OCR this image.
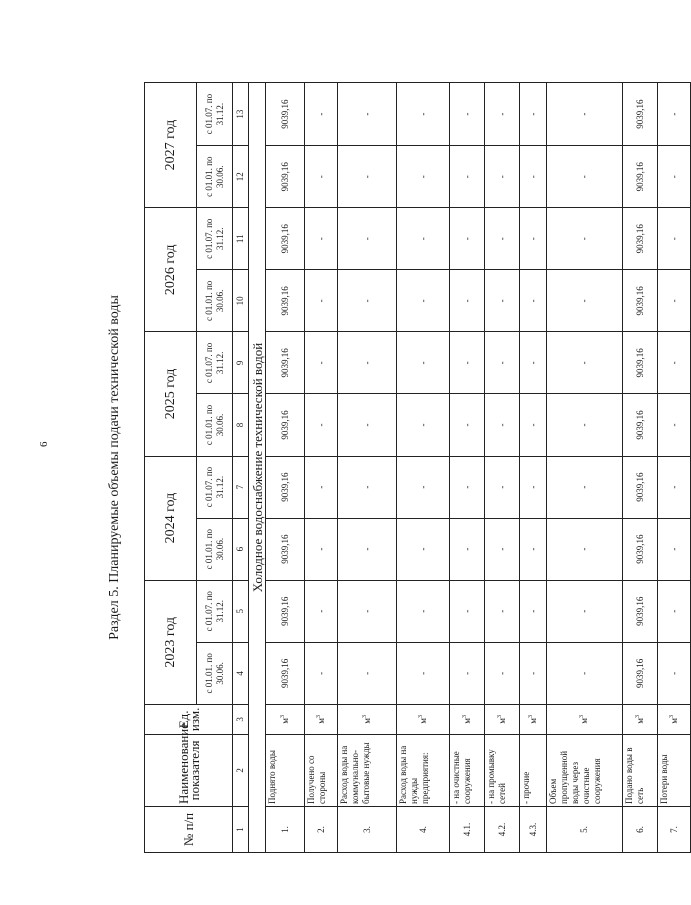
6	Раздел 5. Планируемые объемы подачи технической воды
№ п/п	Наименование показателя	Ед. изм.	2023 год		2024 год		2025 год		2026 год		2027 год	
			с 01.01. по 30.06.	с 01.07. по 31.12.	с 01.01. по 30.06.	с 01.07. по 31.12.	с 01.01. по 30.06.	с 01.07. по 31.12.	с 01.01. по 30.06.	с 01.07. по 31.12.	с 01.01. по 30.06.	с 01.07. по 31.12.
1	2	3	4	5	6	7	8	9	10	11	12	13
Холодное водоснабжение технической водой												
1.	Поднято воды	$м^3$	9039,16	9039,16	9039,16	9039,16	9039,16	9039,16	9039,16	9039,16	9039,16	9039,16
2.	Получено со стороны	$м^3$	-	-	-	-	-	-	-	-	-	-
3.	Расход воды на коммунально-бытовые нужды	$м^3$	-	-	-	-	-	-	-	-	-	-
4.	Расход воды на нужды предприятия:	$м^3$	-	-	-	-	-	-	-	-	-	-
4.1.	- на очистные сооружения	$м^3$	-	-	-	-	-	-	-	-	-	-
4.2.	- на промывку сетей	$м^3$	-	-	-	-	-	-	-	-	-	-
4.3.	- прочие	$м^3$	-	-	-	-	-	-	-	-	-	-
5.	Объем пропущенной воды через очистные сооружения	$м^3$	-	-	-	-	-	-	-	-	-	-
6.	Подано воды в сеть	$м^3$	9039,16	9039,16	9039,16	9039,16	9039,16	9039,16	9039,16	9039,16	9039,16	9039,16
7.	Потери воды	$м^3$	-	-	-	-	-	-	-	-	-	-
